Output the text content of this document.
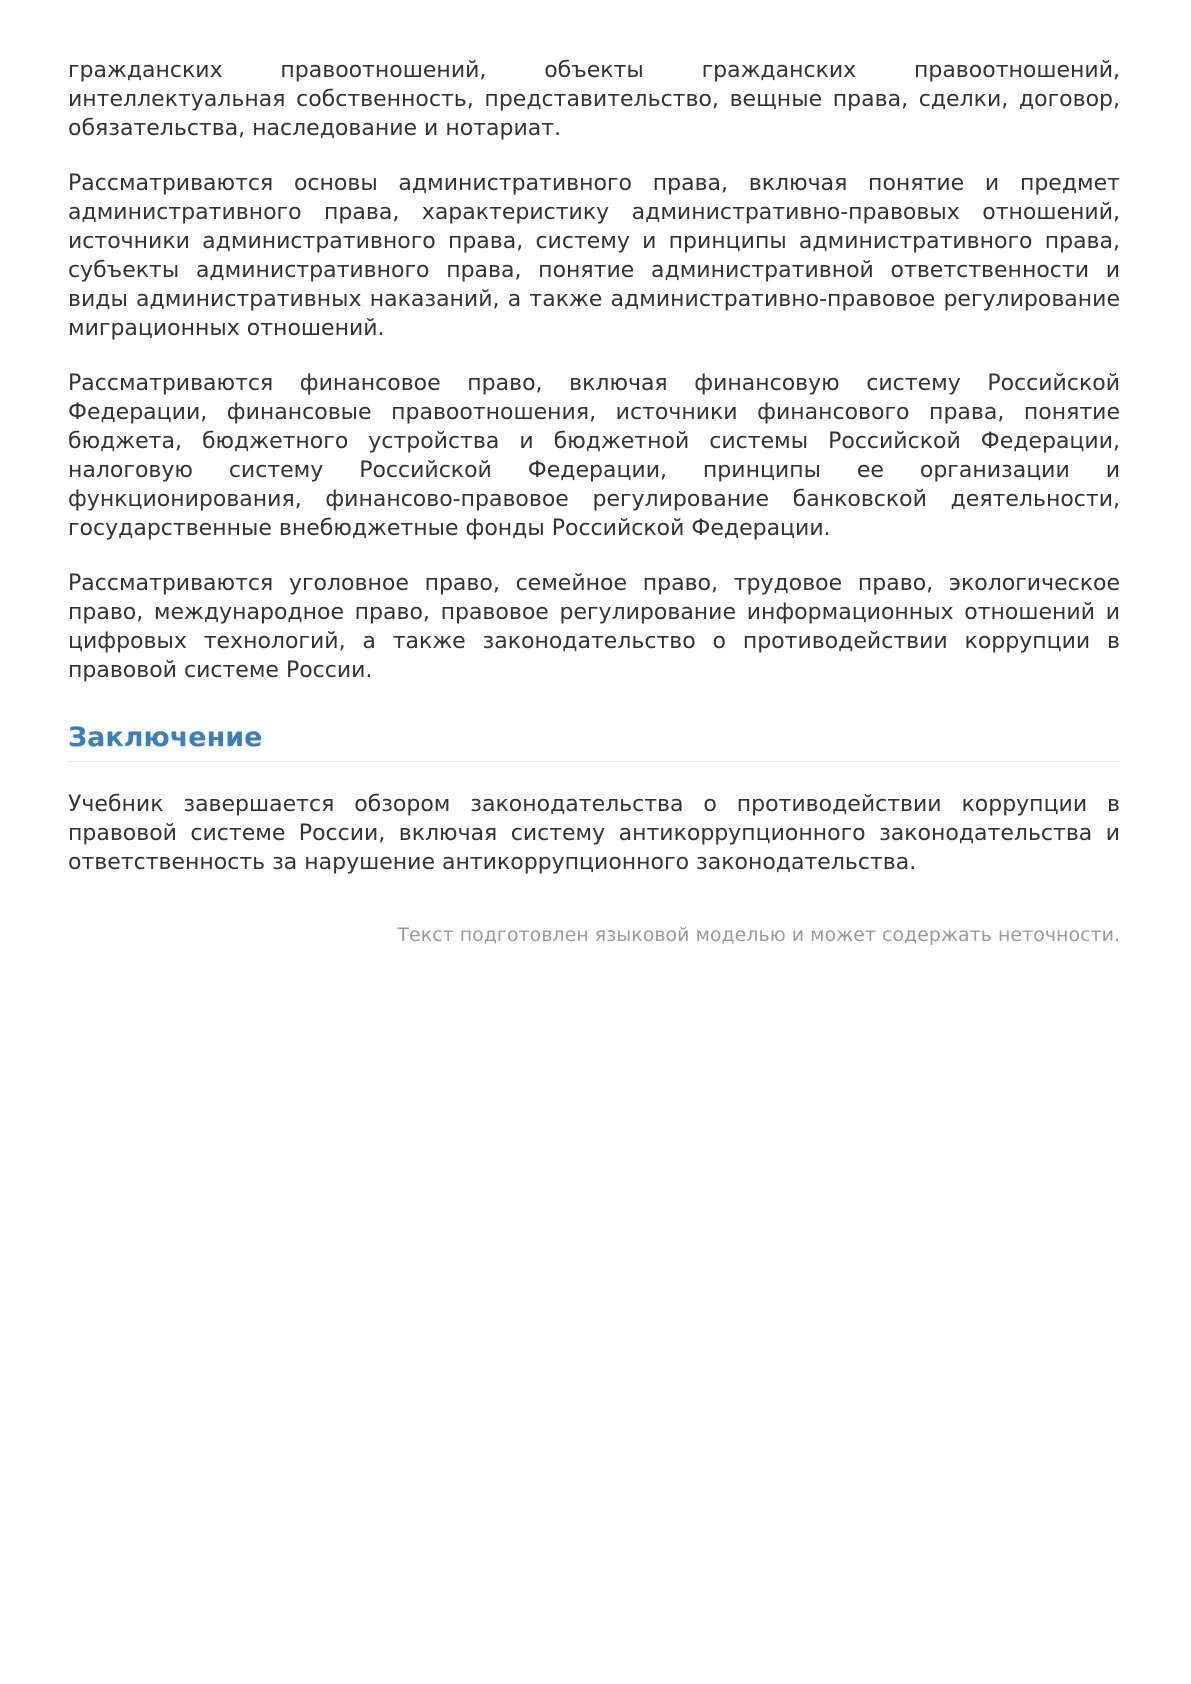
гражданских правоотношений, объекты гражданских правоотношений, интеллектуальная собственность, представительство, вещные права, сделки, договор, обязательства, наследование и нотариат.

Рассматриваются основы административного права, включая понятие и предмет административного права, характеристику административно-правовых отношений, источники административного права, систему и принципы административного права, субъекты административного права, понятие административной ответственности и виды административных наказаний, а также административно-правовое регулирование миграционных отношений.

Рассматриваются финансовое право, включая финансовую систему Российской Федерации, финансовые правоотношения, источники финансового права, понятие бюджета, бюджетного устройства и бюджетной системы Российской Федерации, налоговую систему Российской Федерации, принципы ее организации и функционирования, финансово-правовое регулирование банковской деятельности, государственные внебюджетные фонды Российской Федерации.

Рассматриваются уголовное право, семейное право, трудовое право, экологическое право, международное право, правовое регулирование информационных отношений и цифровых технологий, а также законодательство о противодействии коррупции в правовой системе России.

Заключение

Учебник завершается обзором законодательства о противодействии коррупции в правовой системе России, включая систему антикоррупционного законодательства и ответственность за нарушение антикоррупционного законодательства.

Текст подготовлен языковой моделью и может содержать неточности.
